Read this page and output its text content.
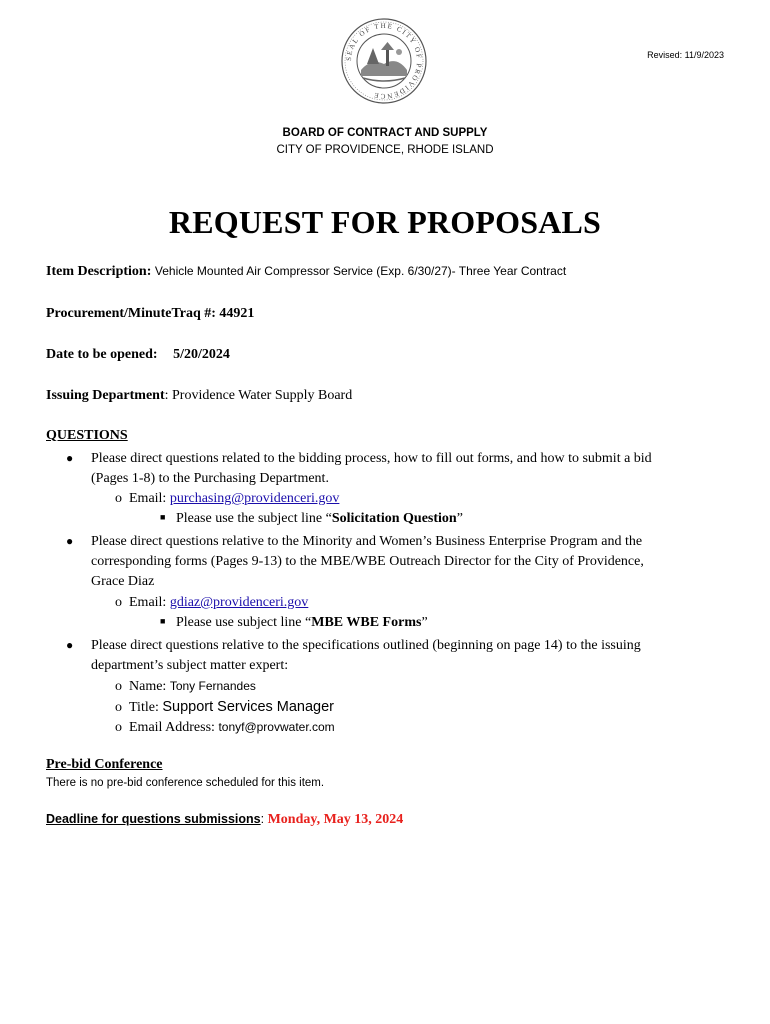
SEAL OF THE CITY OF PROVIDENCE
Revised: 11/9/2023
BOARD OF CONTRACT AND SUPPLY
CITY OF PROVIDENCE, RHODE ISLAND
REQUEST FOR PROPOSALS
Item Description: Vehicle Mounted Air Compressor Service (Exp. 6/30/27)- Three Year Contract
Procurement/MinuteTraq #: 44921
Date to be opened: 5/20/2024
Issuing Department: Providence Water Supply Board
QUESTIONS
● Please direct questions related to the bidding process, how to fill out forms, and how to submit a bid
(Pages 1-8) to the Purchasing Department.
o Email: purchasing@providenceri.gov
■ Please use the subject line “Solicitation Question”
● Please direct questions relative to the Minority and Women’s Business Enterprise Program and the
corresponding forms (Pages 9-13) to the MBE/WBE Outreach Director for the City of Providence,
Grace Diaz
o Email: gdiaz@providenceri.gov
■ Please use subject line “MBE WBE Forms”
● Please direct questions relative to the specifications outlined (beginning on page 14) to the issuing
department’s subject matter expert:
o Name: Tony Fernandes
o Title: Support Services Manager
o Email Address: tonyf@provwater.com
Pre-bid Conference
There is no pre-bid conference scheduled for this item.
Deadline for questions submissions: Monday, May 13, 2024
